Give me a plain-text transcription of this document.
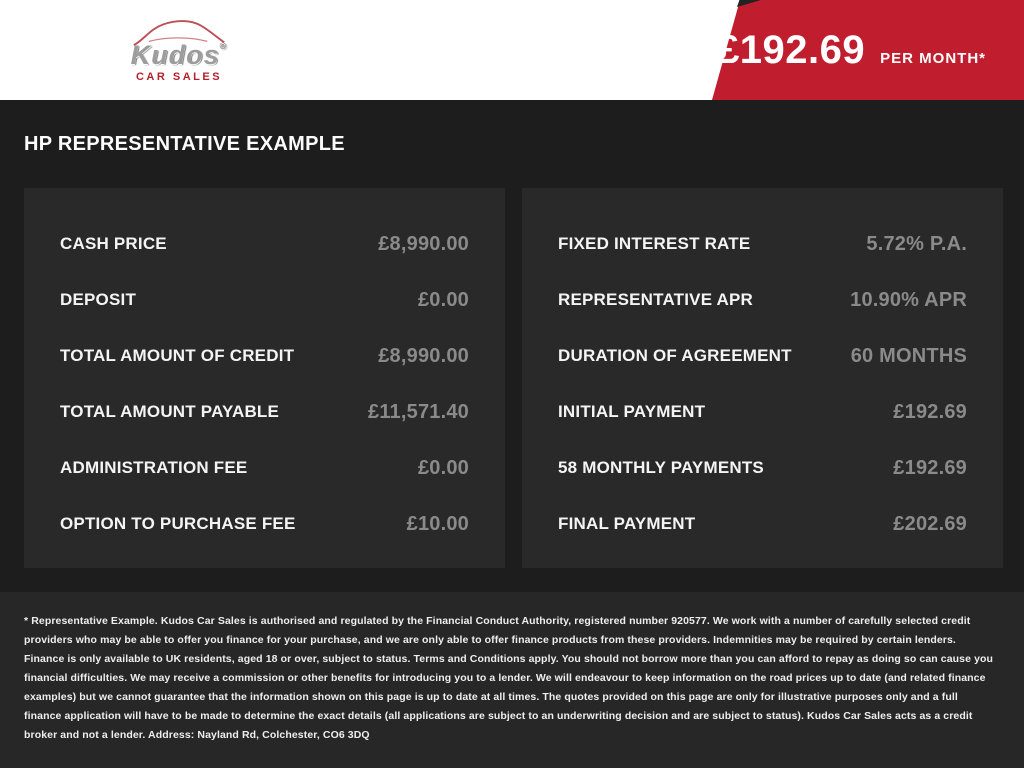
Kudos®
CAR SALES
£192.69 PER MONTH*
HP REPRESENTATIVE EXAMPLE
CASH PRICE	£8,990.00
DEPOSIT	£0.00
TOTAL AMOUNT OF CREDIT	£8,990.00
TOTAL AMOUNT PAYABLE	£11,571.40
ADMINISTRATION FEE	£0.00
OPTION TO PURCHASE FEE	£10.00
FIXED INTEREST RATE	5.72% P.A.
REPRESENTATIVE APR	10.90% APR
DURATION OF AGREEMENT	60 MONTHS
INITIAL PAYMENT	£192.69
58 MONTHLY PAYMENTS	£192.69
FINAL PAYMENT	£202.69

* Representative Example. Kudos Car Sales is authorised and regulated by the Financial Conduct Authority, registered number 920577. We work with a number of carefully selected credit providers who may be able to offer you finance for your purchase, and we are only able to offer finance products from these providers. Indemnities may be required by certain lenders. Finance is only available to UK residents, aged 18 or over, subject to status. Terms and Conditions apply. You should not borrow more than you can afford to repay as doing so can cause you financial difficulties. We may receive a commission or other benefits for introducing you to a lender. We will endeavour to keep information on the road prices up to date (and related finance examples) but we cannot guarantee that the information shown on this page is up to date at all times. The quotes provided on this page are only for illustrative purposes only and a full finance application will have to be made to determine the exact details (all applications are subject to an underwriting decision and are subject to status). Kudos Car Sales acts as a credit broker and not a lender. Address: Nayland Rd, Colchester, CO6 3DQ
